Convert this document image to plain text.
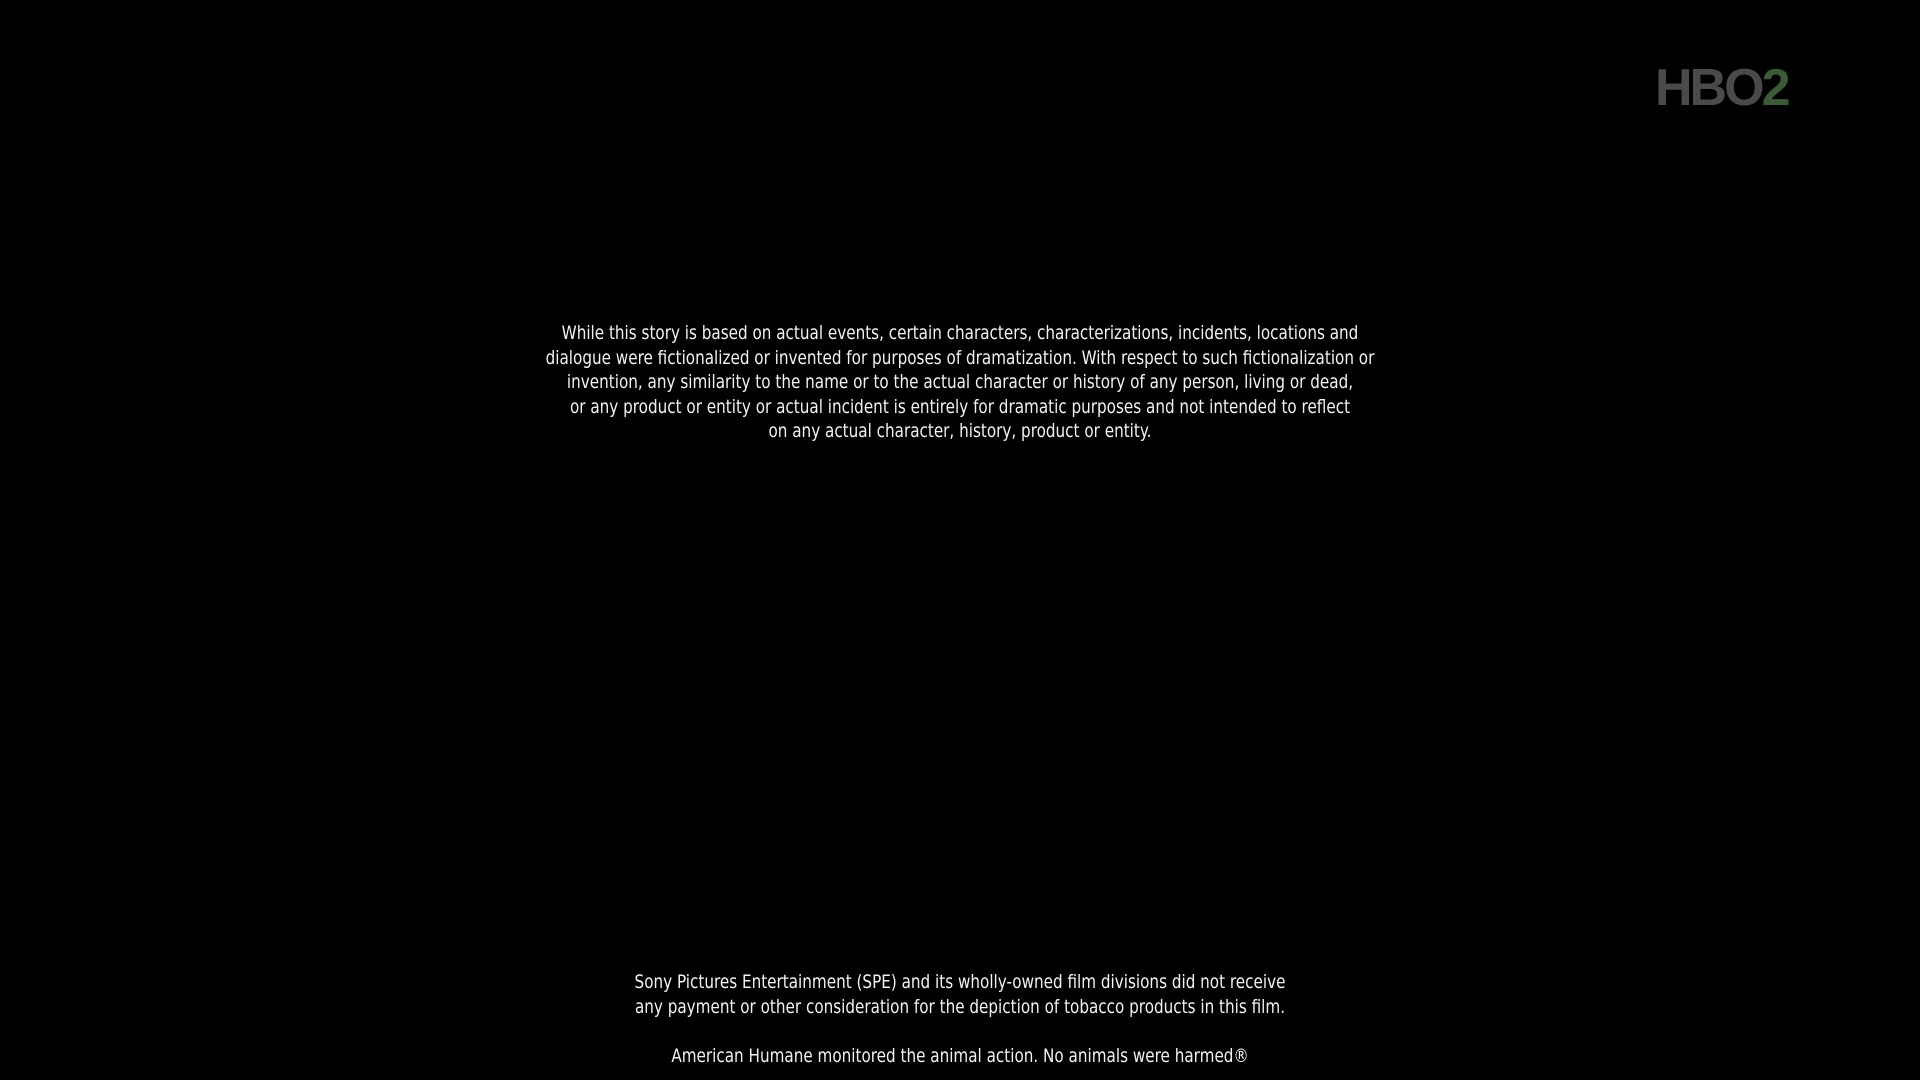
HBO2
While this story is based on actual events, certain characters, characterizations, incidents, locations and
dialogue were fictionalized or invented for purposes of dramatization. With respect to such fictionalization or
invention, any similarity to the name or to the actual character or history of any person, living or dead,
or any product or entity or actual incident is entirely for dramatic purposes and not intended to reflect
on any actual character, history, product or entity.
Sony Pictures Entertainment (SPE) and its wholly-owned film divisions did not receive
any payment or other consideration for the depiction of tobacco products in this film.
American Humane monitored the animal action. No animals were harmed®
